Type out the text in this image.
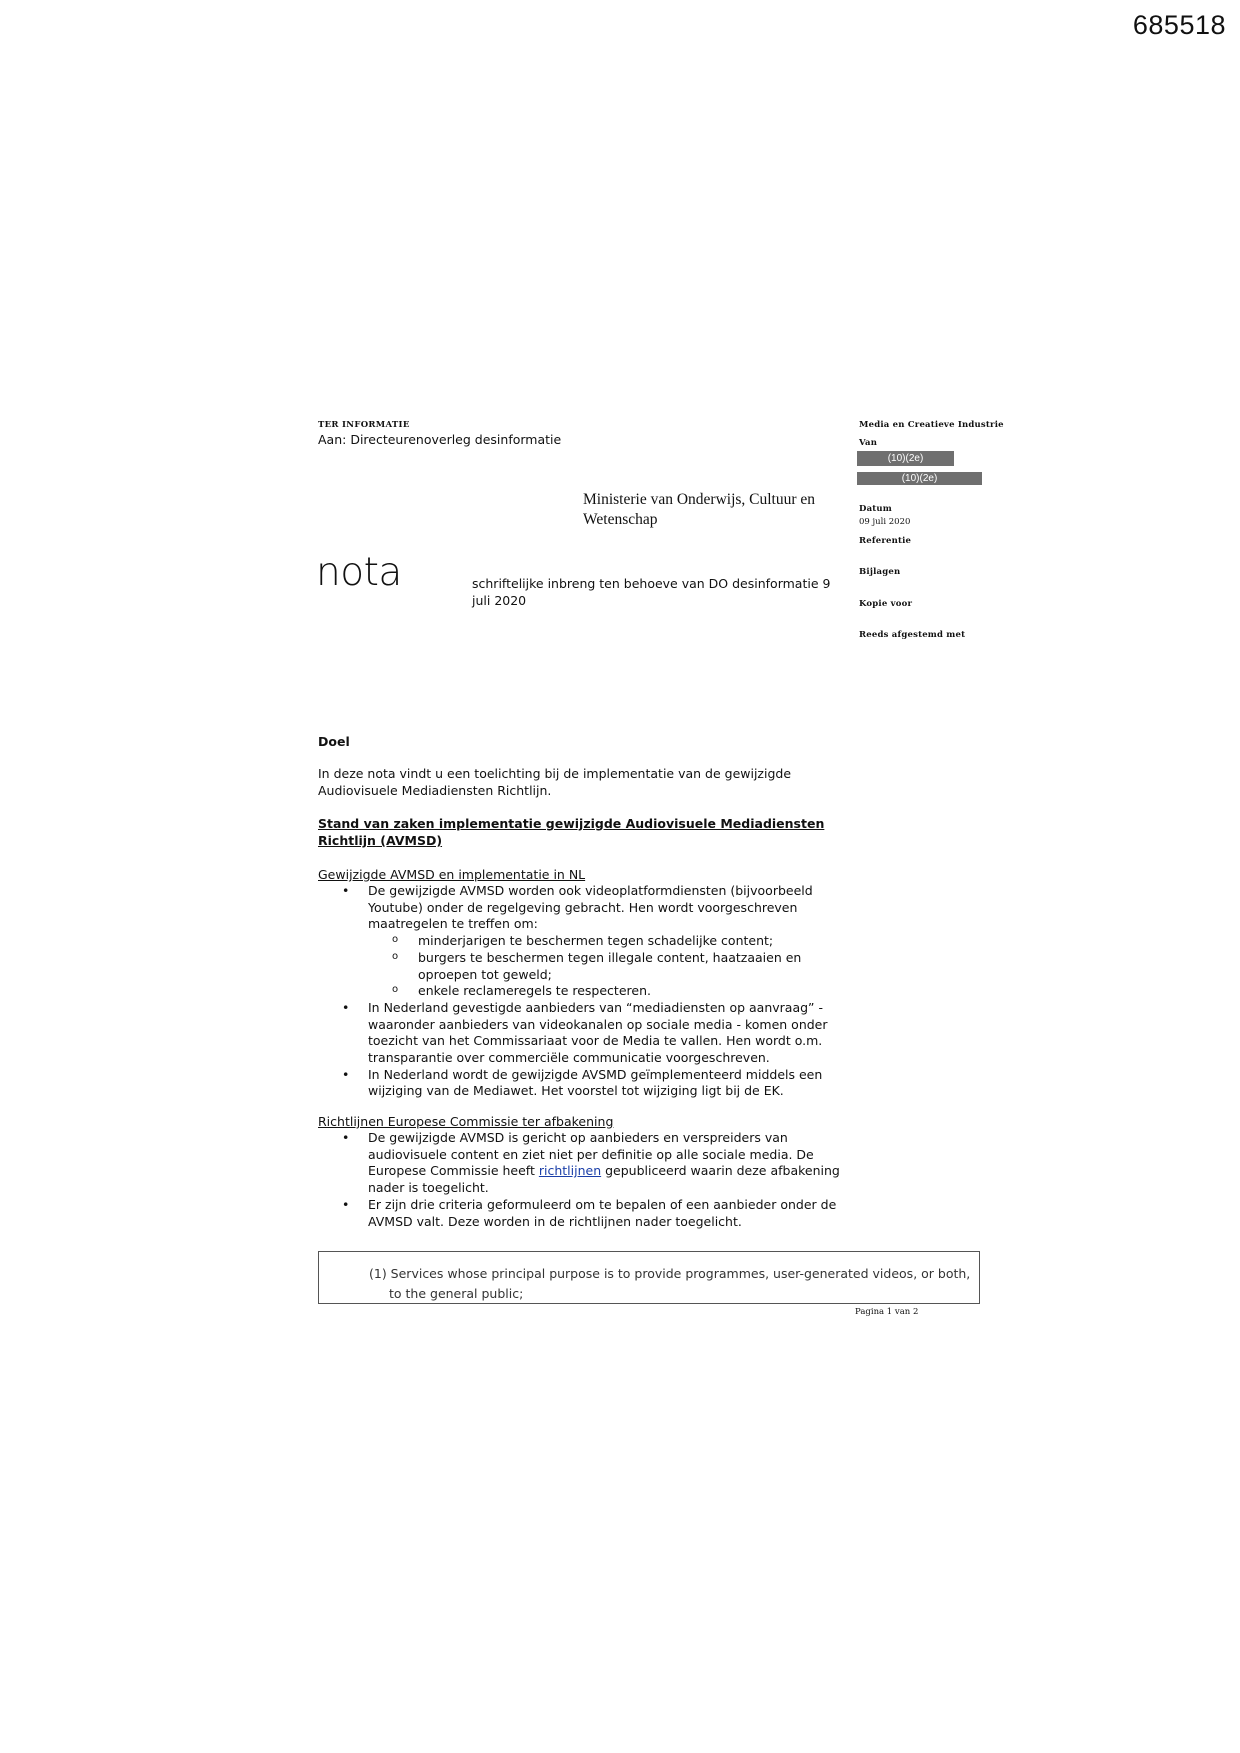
685518
TER INFORMATIE
Aan: Directeurenoverleg desinformatie
Ministerie van Onderwijs, Cultuur en
Wetenschap
nota	schriftelijke inbreng ten behoeve van DO desinformatie 9 juli 2020
Media en Creatieve Industrie
Van
(10)(2e)
(10)(2e)
Datum
09 juli 2020
Referentie
Bijlagen
Kopie voor
Reeds afgestemd met
Doel
In deze nota vindt u een toelichting bij de implementatie van de gewijzigde Audiovisuele Mediadiensten Richtlijn.
Stand van zaken implementatie gewijzigde Audiovisuele Mediadiensten Richtlijn (AVMSD)
Gewijzigde AVMSD en implementatie in NL
• De gewijzigde AVMSD worden ook videoplatformdiensten (bijvoorbeeld Youtube) onder de regelgeving gebracht. Hen wordt voorgeschreven maatregelen te treffen om:
o minderjarigen te beschermen tegen schadelijke content;
o burgers te beschermen tegen illegale content, haatzaaien en oproepen tot geweld;
o enkele reclameregels te respecteren.
• In Nederland gevestigde aanbieders van “mediadiensten op aanvraag” - waaronder aanbieders van videokanalen op sociale media - komen onder toezicht van het Commissariaat voor de Media te vallen. Hen wordt o.m. transparantie over commerciële communicatie voorgeschreven.
• In Nederland wordt de gewijzigde AVSMD geïmplementeerd middels een wijziging van de Mediawet. Het voorstel tot wijziging ligt bij de EK.
Richtlijnen Europese Commissie ter afbakening
• De gewijzigde AVMSD is gericht op aanbieders en verspreiders van audiovisuele content en ziet niet per definitie op alle sociale media. De Europese Commissie heeft richtlijnen gepubliceerd waarin deze afbakening nader is toegelicht.
• Er zijn drie criteria geformuleerd om te bepalen of een aanbieder onder de AVMSD valt. Deze worden in de richtlijnen nader toegelicht.
(1) Services whose principal purpose is to provide programmes, user-generated videos, or both,
to the general public;
Pagina 1 van 2
